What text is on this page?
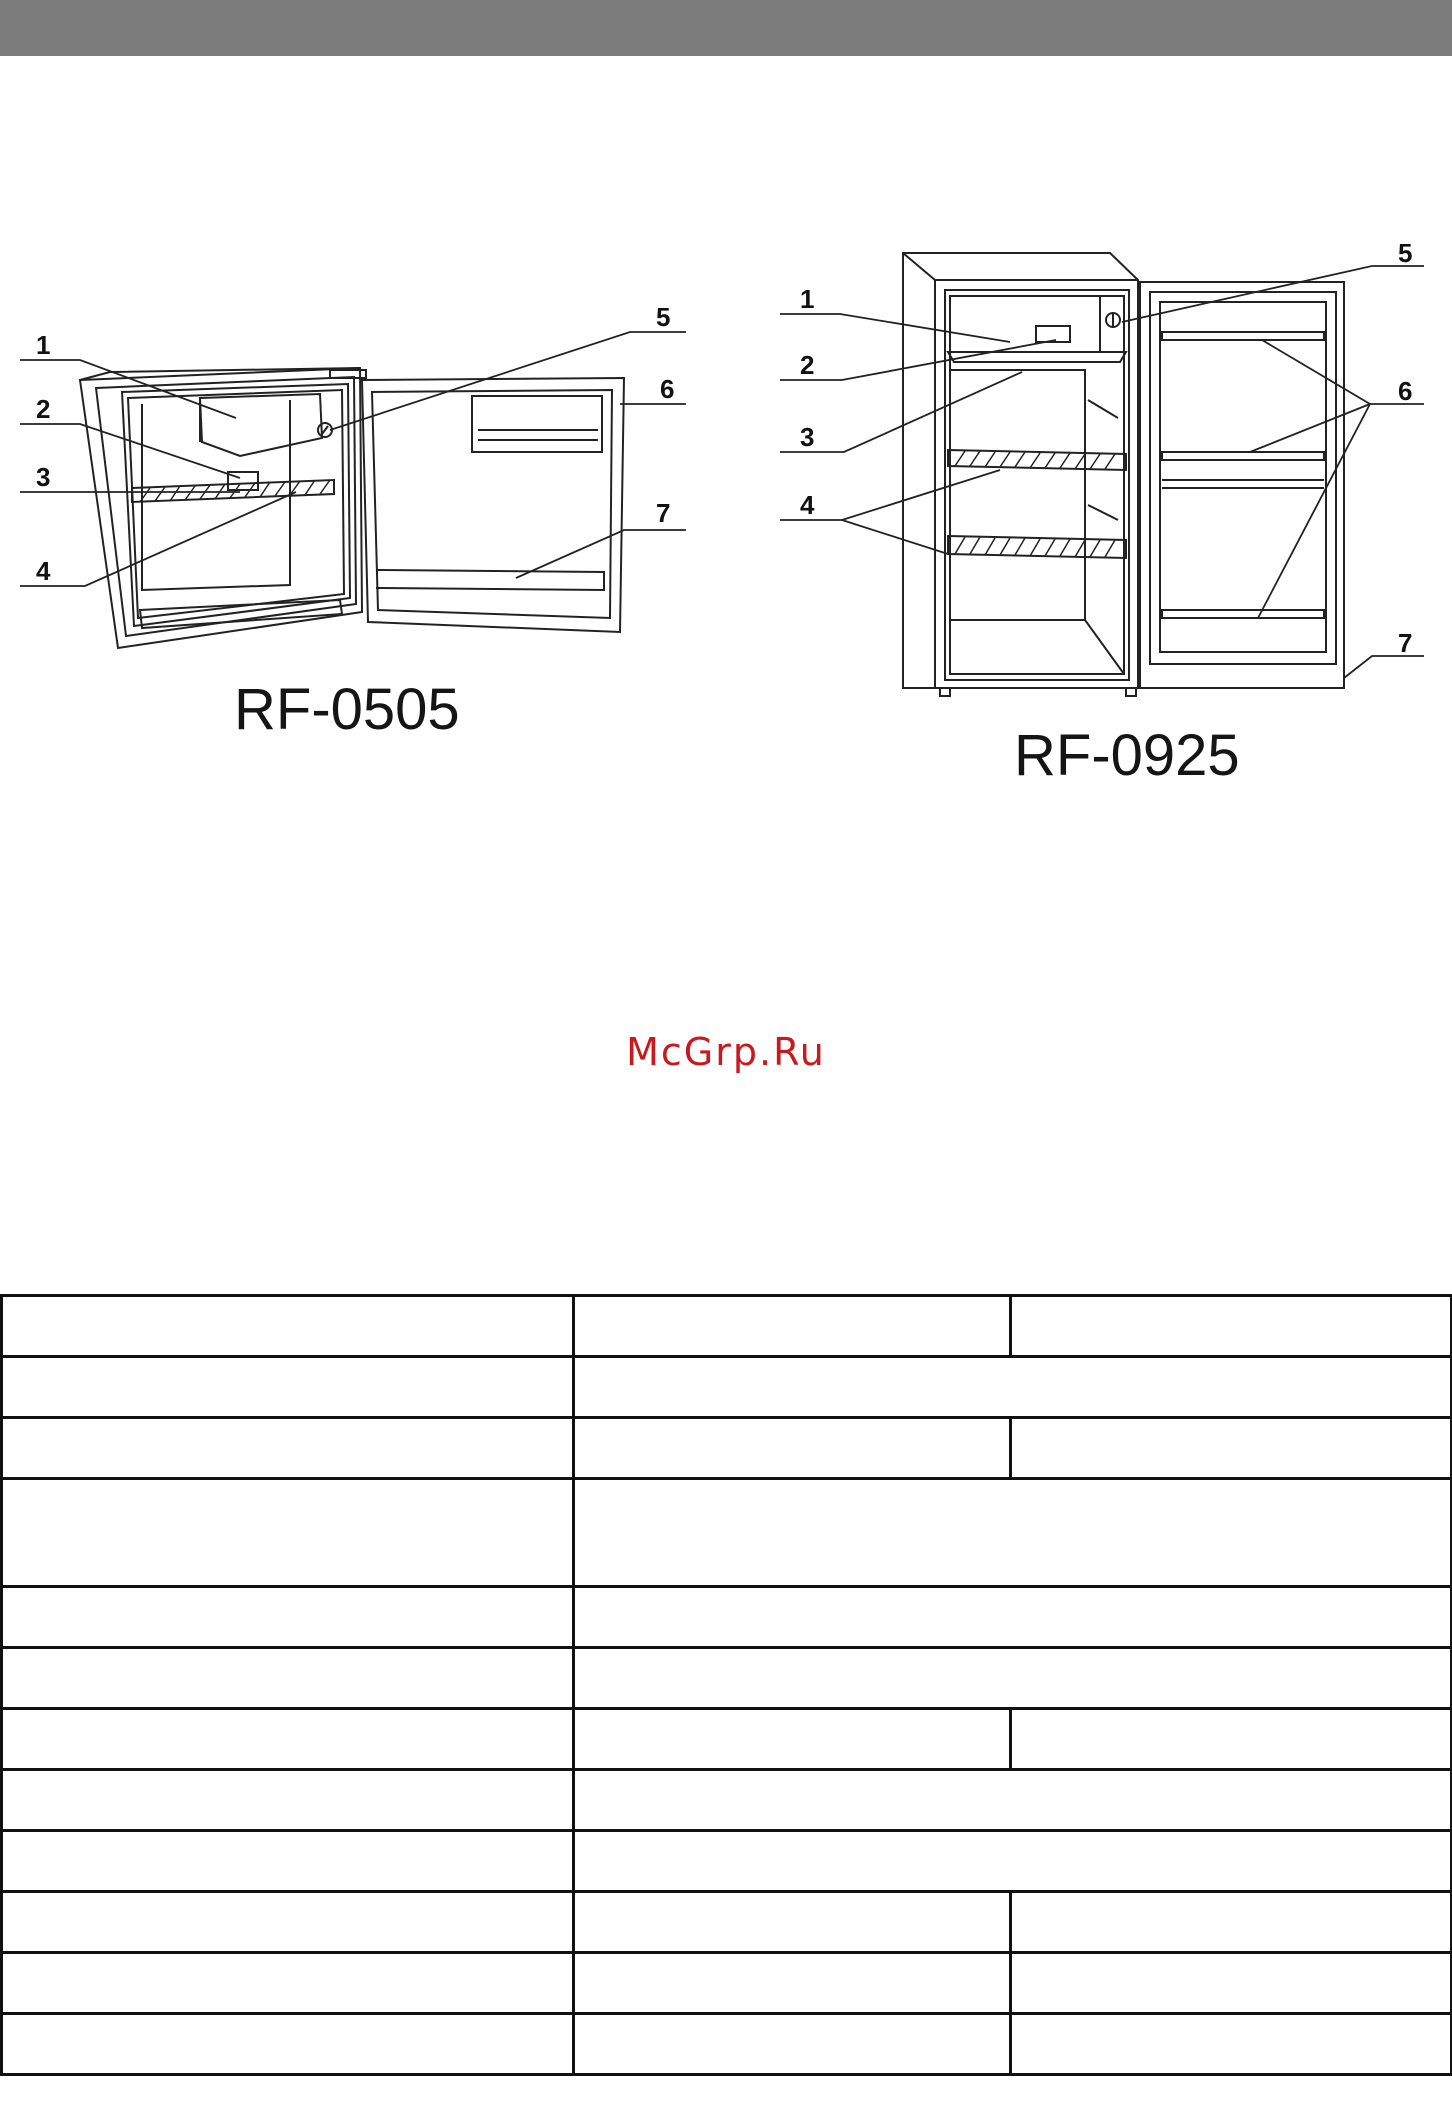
1
2
3
4
5
6
7
1
2
3
4
5
6
7
RF-0505
RF-0925
McGrp.Ru
